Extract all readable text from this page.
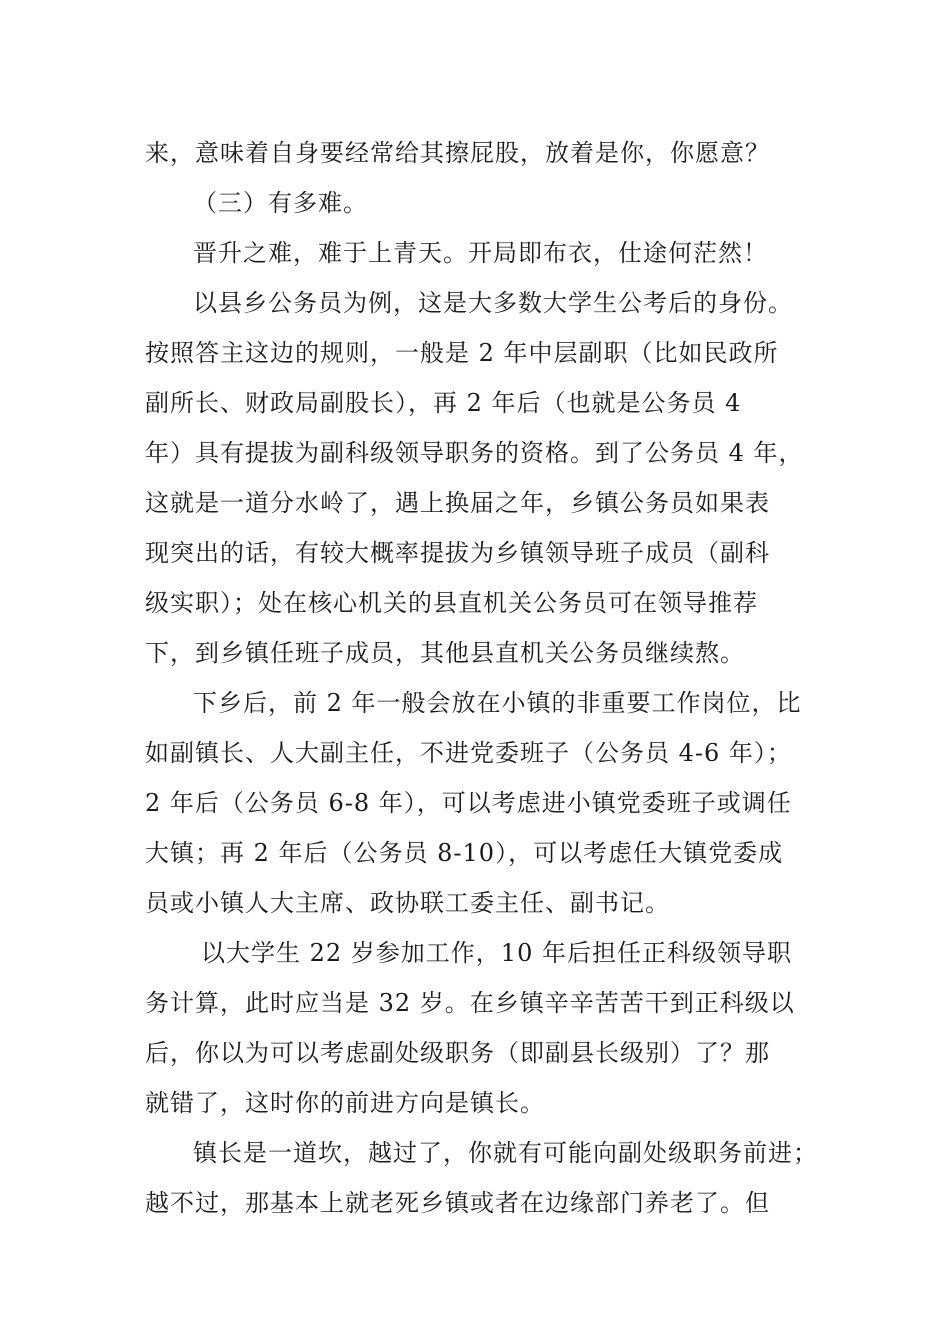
来，意味着自身要经常给其擦屁股，放着是你，你愿意？
（三）有多难。
晋升之难，难于上青天。开局即布衣，仕途何茫然！
以县乡公务员为例，这是大多数大学生公考后的身份。
按照答主这边的规则，一般是 2 年中层副职（比如民政所
副所长、财政局副股长），再 2 年后（也就是公务员 4
年）具有提拔为副科级领导职务的资格。到了公务员 4 年，
这就是一道分水岭了，遇上换届之年，乡镇公务员如果表
现突出的话，有较大概率提拔为乡镇领导班子成员（副科
级实职）；处在核心机关的县直机关公务员可在领导推荐
下，到乡镇任班子成员，其他县直机关公务员继续熬。
下乡后，前 2 年一般会放在小镇的非重要工作岗位，比
如副镇长、人大副主任，不进党委班子（公务员 4-6 年）；
2 年后（公务员 6-8 年），可以考虑进小镇党委班子或调任
大镇；再 2 年后（公务员 8-10），可以考虑任大镇党委成
员或小镇人大主席、政协联工委主任、副书记。
以大学生 22 岁参加工作，10 年后担任正科级领导职
务计算，此时应当是 32 岁。在乡镇辛辛苦苦干到正科级以
后，你以为可以考虑副处级职务（即副县长级别）了？那
就错了，这时你的前进方向是镇长。
镇长是一道坎，越过了，你就有可能向副处级职务前进；
越不过，那基本上就老死乡镇或者在边缘部门养老了。但
